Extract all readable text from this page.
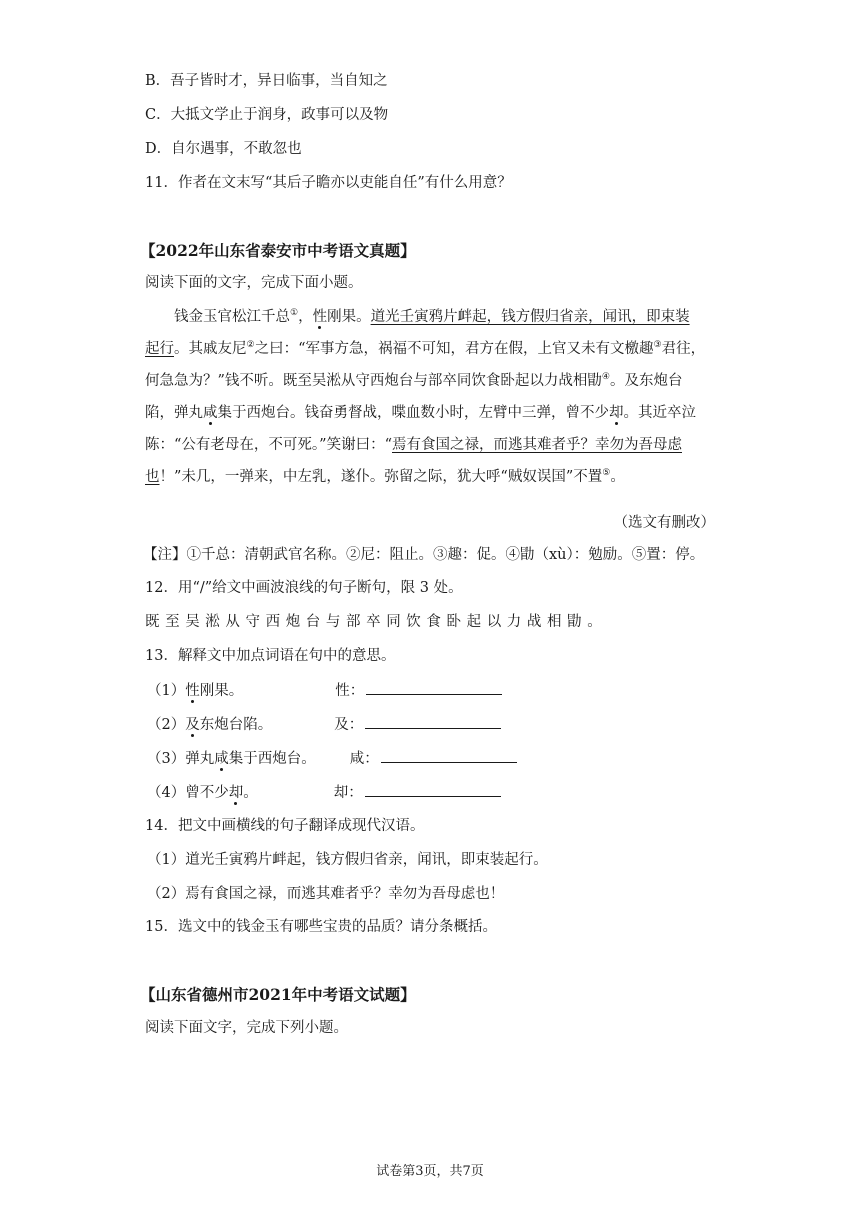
B．吾子皆时才，异日临事，当自知之
C．大抵文学止于润身，政事可以及物
D．自尔遇事，不敢忽也
11．作者在文末写“其后子瞻亦以吏能自任”有什么用意？
【2022年山东省泰安市中考语文真题】
阅读下面的文字，完成下面小题。
钱金玉官松江千总①，性刚果。道光壬寅鸦片衅起，钱方假归省亲，闻讯，即束装
起行。其戚友尼②之曰：“军事方急，祸福不可知，君方在假，上官又未有文檄趣③君往，
何急急为？”钱不听。既至吴淞从守西炮台与部卒同饮食卧起以力战相勖④。及东炮台
陷，弹丸咸集于西炮台。钱奋勇督战，喋血数小时，左臂中三弹，曾不少却。其近卒泣
陈：“公有老母在，不可死。”笑谢曰：“焉有食国之禄，而逃其难者乎？幸勿为吾母虑
也！”未几，一弹来，中左乳，遂仆。弥留之际，犹大呼“贼奴误国”不置⑤。
（选文有删改）
【注】①千总：清朝武官名称。②尼：阻止。③趣：促。④勖（xù）：勉励。⑤置：停。
12．用“/”给文中画波浪线的句子断句，限 3 处。
既至吴淞从守西炮台与部卒同饮食卧起以力战相勖。
13．解释文中加点词语在句中的意思。
（1）性刚果。	性：
（2）及东炮台陷。	及：
（3）弹丸咸集于西炮台。 咸：
（4）曾不少却。	却：
14．把文中画横线的句子翻译成现代汉语。
（1）道光壬寅鸦片衅起，钱方假归省亲，闻讯，即束装起行。
（2）焉有食国之禄，而逃其难者乎？幸勿为吾母虑也！
15．选文中的钱金玉有哪些宝贵的品质？请分条概括。
【山东省德州市2021年中考语文试题】
阅读下面文字，完成下列小题。
试卷第3页，共7页
